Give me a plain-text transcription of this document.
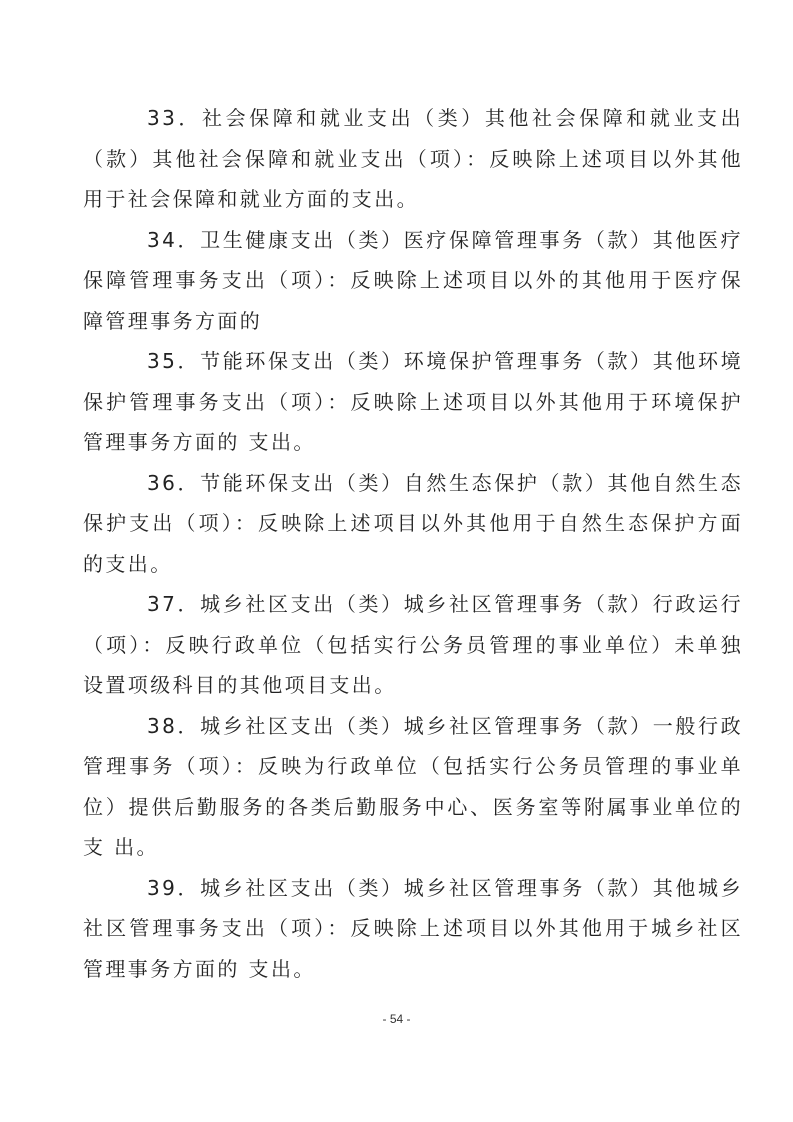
33．社会保障和就业支出（类）其他社会保障和就业支出（款）其他社会保障和就业支出（项）：反映除上述项目以外其他用于社会保障和就业方面的支出。

34．卫生健康支出（类）医疗保障管理事务（款）其他医疗保障管理事务支出（项）：反映除上述项目以外的其他用于医疗保障管理事务方面的

35．节能环保支出（类）环境保护管理事务（款）其他环境保护管理事务支出（项）：反映除上述项目以外其他用于环境保护管理事务方面的 支出。

36．节能环保支出（类）自然生态保护（款）其他自然生态保护支出（项）：反映除上述项目以外其他用于自然生态保护方面的支出。

37．城乡社区支出（类）城乡社区管理事务（款）行政运行（项）：反映行政单位（包括实行公务员管理的事业单位）未单独 设置项级科目的其他项目支出。

38．城乡社区支出（类）城乡社区管理事务（款）一般行政管理事务（项）：反映为行政单位（包括实行公务员管理的事业单位）提供后勤服务的各类后勤服务中心、医务室等附属事业单位的支 出。

39．城乡社区支出（类）城乡社区管理事务（款）其他城乡社区管理事务支出（项）：反映除上述项目以外其他用于城乡社区管理事务方面的 支出。

- 54 -
